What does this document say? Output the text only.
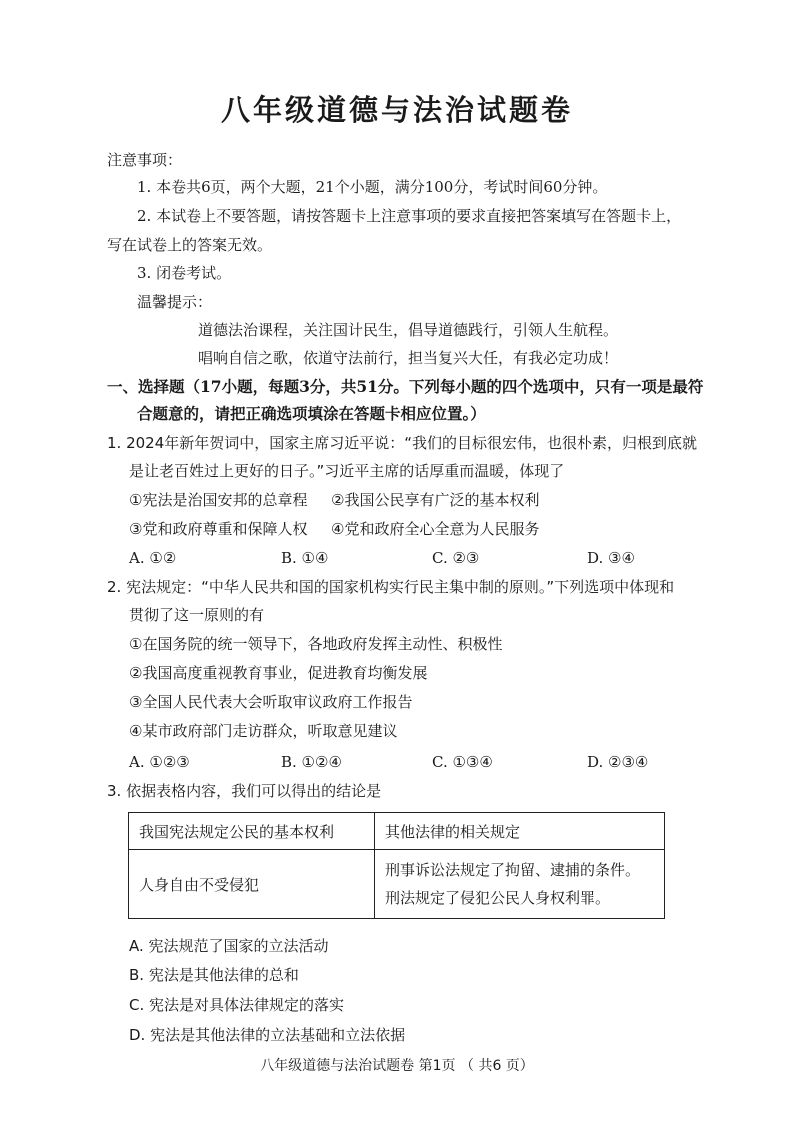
八年级道德与法治试题卷
注意事项：
1. 本卷共6页，两个大题，21个小题，满分100分，考试时间60分钟。
2. 本试卷上不要答题，请按答题卡上注意事项的要求直接把答案填写在答题卡上，
写在试卷上的答案无效。
3. 闭卷考试。
温馨提示：
道德法治课程，关注国计民生，倡导道德践行，引领人生航程。
唱响自信之歌，依道守法前行，担当复兴大任，有我必定功成！
一、选择题（17小题，每题3分，共51分。下列每小题的四个选项中，只有一项是最符
合题意的，请把正确选项填涂在答题卡相应位置。）
1. 2024年新年贺词中，国家主席习近平说：“我们的目标很宏伟，也很朴素，归根到底就
是让老百姓过上更好的日子。”习近平主席的话厚重而温暖，体现了
①宪法是治国安邦的总章程 ②我国公民享有广泛的基本权利
③党和政府尊重和保障人权 ④党和政府全心全意为人民服务
A. ①②	B. ①④	C. ②③	D. ③④
2. 宪法规定：“中华人民共和国的国家机构实行民主集中制的原则。”下列选项中体现和
贯彻了这一原则的有
①在国务院的统一领导下，各地政府发挥主动性、积极性
②我国高度重视教育事业，促进教育均衡发展
③全国人民代表大会听取审议政府工作报告
④某市政府部门走访群众，听取意见建议
A. ①②③	B. ①②④	C. ①③④	D. ②③④
3. 依据表格内容，我们可以得出的结论是
我国宪法规定公民的基本权利	其他法律的相关规定
人身自由不受侵犯	刑事诉讼法规定了拘留、逮捕的条件。
刑法规定了侵犯公民人身权利罪。
A. 宪法规范了国家的立法活动
B. 宪法是其他法律的总和
C. 宪法是对具体法律规定的落实
D. 宪法是其他法律的立法基础和立法依据
八年级道德与法治试题卷 第1页 （ 共6 页）
